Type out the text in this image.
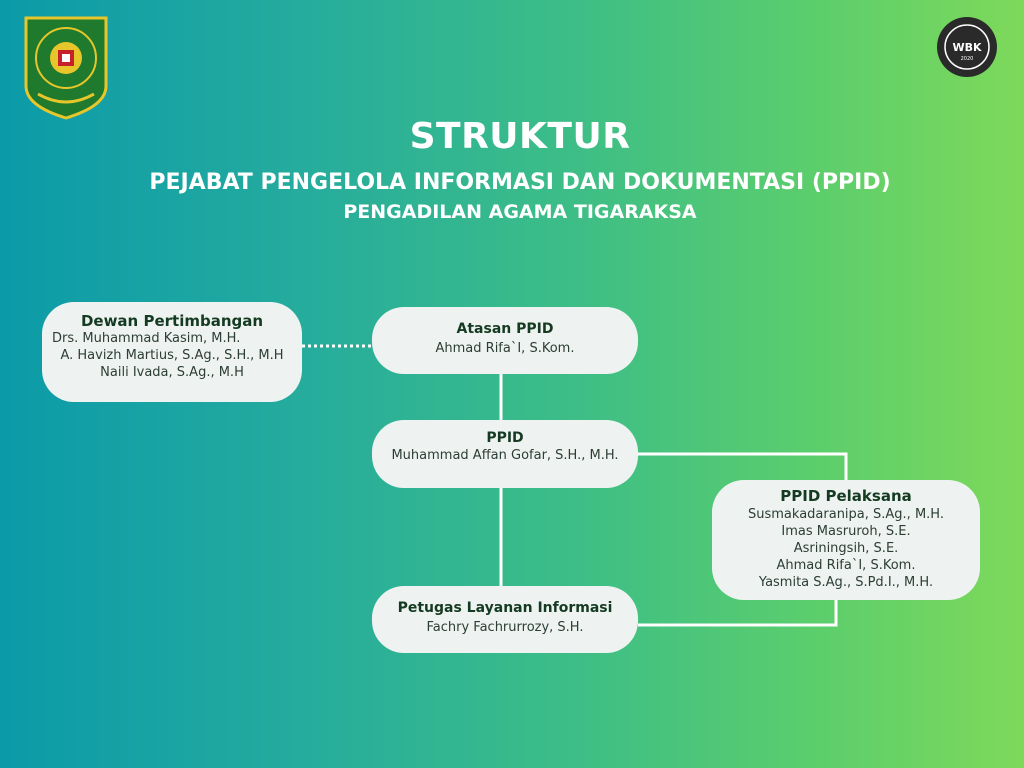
WBK
2020
STRUKTUR
PEJABAT PENGELOLA INFORMASI DAN DOKUMENTASI (PPID)
PENGADILAN AGAMA TIGARAKSA
Dewan Pertimbangan
Drs. Muhammad Kasim, M.H.
A. Havizh Martius, S.Ag., S.H., M.H
Naili Ivada, S.Ag., M.H
Atasan PPID
Ahmad Rifa`I, S.Kom.
PPID
Muhammad Affan Gofar, S.H., M.H.
PPID Pelaksana
Susmakadaranipa, S.Ag., M.H.
Imas Masruroh, S.E.
Asriningsih, S.E.
Ahmad Rifa`I, S.Kom.
Yasmita S.Ag., S.Pd.I., M.H.
Petugas Layanan Informasi
Fachry Fachrurrozy, S.H.
